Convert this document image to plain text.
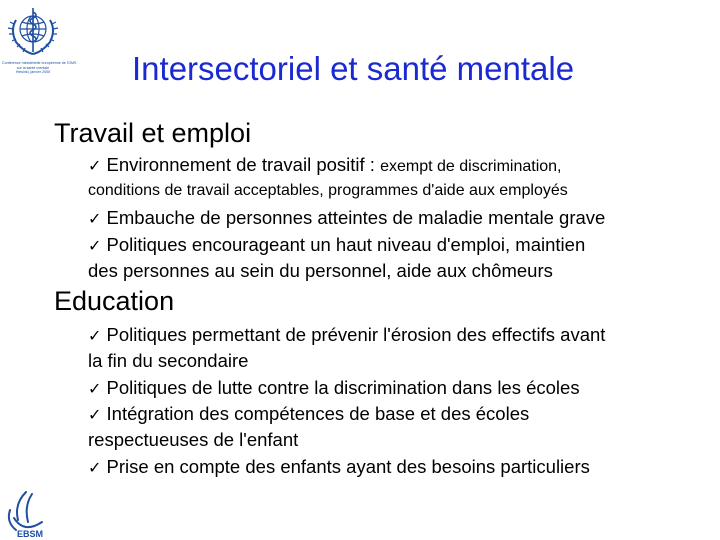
Conférence ministérielle européenne de l'OMS
sur la santé mentale
Helsinki, janvier 2005	Intersectoriel et santé mentale
Travail et emploi
✓ Environnement de travail positif : exempt de discrimination,
conditions de travail acceptables, programmes d'aide aux employés
✓ Embauche de personnes atteintes de maladie mentale grave
✓ Politiques encourageant un haut niveau d'emploi, maintien
des personnes au sein du personnel, aide aux chômeurs
Education
✓ Politiques permettant de prévenir l'érosion des effectifs avant
la fin du secondaire
✓ Politiques de lutte contre la discrimination dans les écoles
✓ Intégration des compétences de base et des écoles
respectueuses de l'enfant
✓ Prise en compte des enfants ayant des besoins particuliers
EBSM
